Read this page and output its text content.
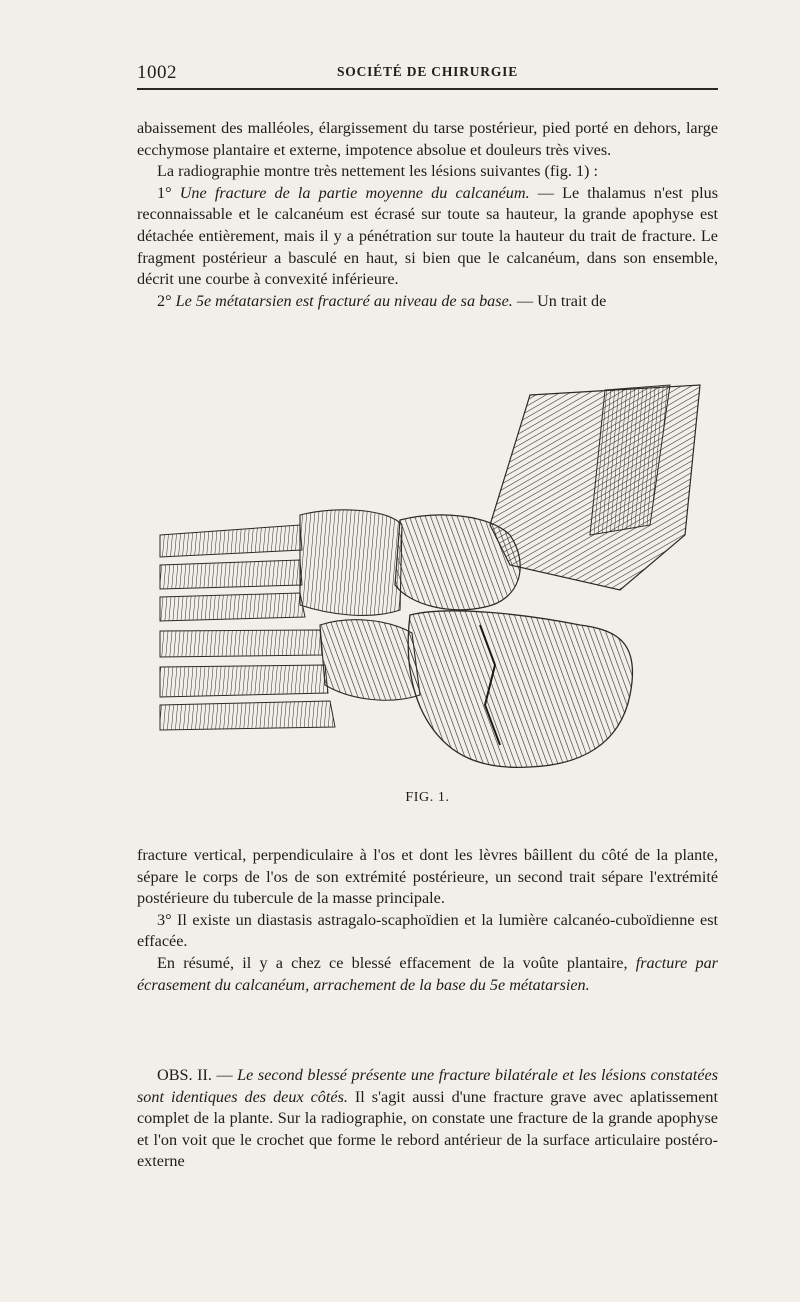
1002	SOCIÉTÉ DE CHIRURGIE

abaissement des malléoles, élargissement du tarse postérieur, pied porté en dehors, large ecchymose plantaire et externe, impotence absolue et douleurs très vives.

La radiographie montre très nettement les lésions suivantes (fig. 1) :

1° Une fracture de la partie moyenne du calcanéum. — Le thalamus n'est plus reconnaissable et le calcanéum est écrasé sur toute sa hauteur, la grande apophyse est détachée entièrement, mais il y a pénétration sur toute la hauteur du trait de fracture. Le fragment postérieur a basculé en haut, si bien que le calcanéum, dans son ensemble, décrit une courbe à convexité inférieure.

2° Le 5e métatarsien est fracturé au niveau de sa base. — Un trait de

FIG. 1.

fracture vertical, perpendiculaire à l'os et dont les lèvres bâillent du côté de la plante, sépare le corps de l'os de son extrémité postérieure, un second trait sépare l'extrémité postérieure du tubercule de la masse principale.

3° Il existe un diastasis astragalo-scaphoïdien et la lumière calcanéo-cuboïdienne est effacée.

En résumé, il y a chez ce blessé effacement de la voûte plantaire, fracture par écrasement du calcanéum, arrachement de la base du 5e métatarsien.

OBS. II. — Le second blessé présente une fracture bilatérale et les lésions constatées sont identiques des deux côtés. Il s'agit aussi d'une fracture grave avec aplatissement complet de la plante. Sur la radiographie, on constate une fracture de la grande apophyse et l'on voit que le crochet que forme le rebord antérieur de la surface articulaire postéro-externe
